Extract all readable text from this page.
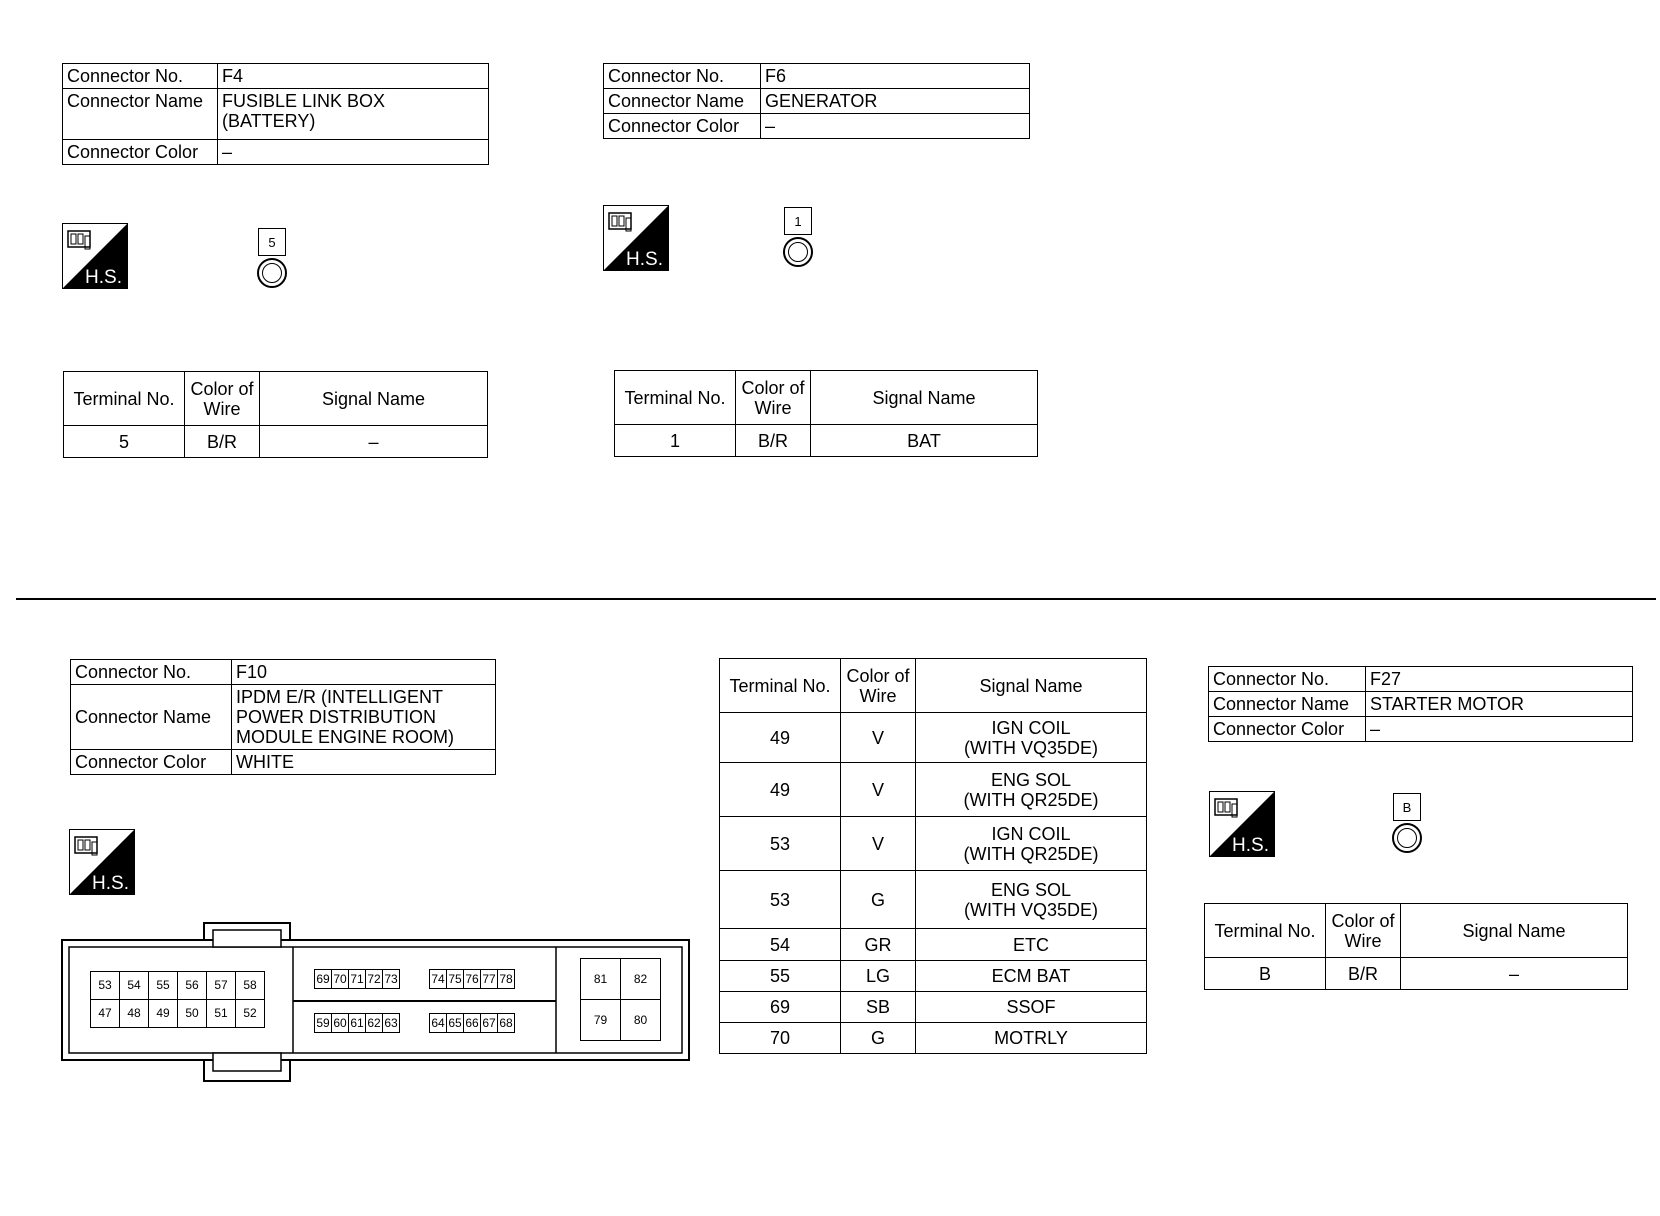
Connector No.	F4
Connector Name	FUSIBLE LINK BOX
(BATTERY)
Connector Color	–
H.S.
5
Terminal No.	Color of
Wire	Signal Name
5	B/R	–
Connector No.	F6
Connector Name	GENERATOR
Connector Color	–
H.S.
1
Terminal No.	Color of
Wire	Signal Name
1	B/R	BAT
Connector No.	F10
Connector Name	IPDM E/R (INTELLIGENT
POWER DISTRIBUTION
MODULE ENGINE ROOM)
Connector Color	WHITE
H.S.
53	54	55	56	57	58
47	48	49	50	51	52
69 70 71 72 73	74 75 76 77 78
59 60 61 62 63	64 65 66 67 68
81	82
79	80
Terminal No.	Color of
Wire	Signal Name
49	V	IGN COIL
(WITH VQ35DE)
49	V	ENG SOL
(WITH QR25DE)
53	V	IGN COIL
(WITH QR25DE)
53	G	ENG SOL
(WITH VQ35DE)
54	GR	ETC
55	LG	ECM BAT
69	SB	SSOF
70	G	MOTRLY
Connector No.	F27
Connector Name	STARTER MOTOR
Connector Color	–
H.S.
B
Terminal No.	Color of
Wire	Signal Name
B	B/R	–
